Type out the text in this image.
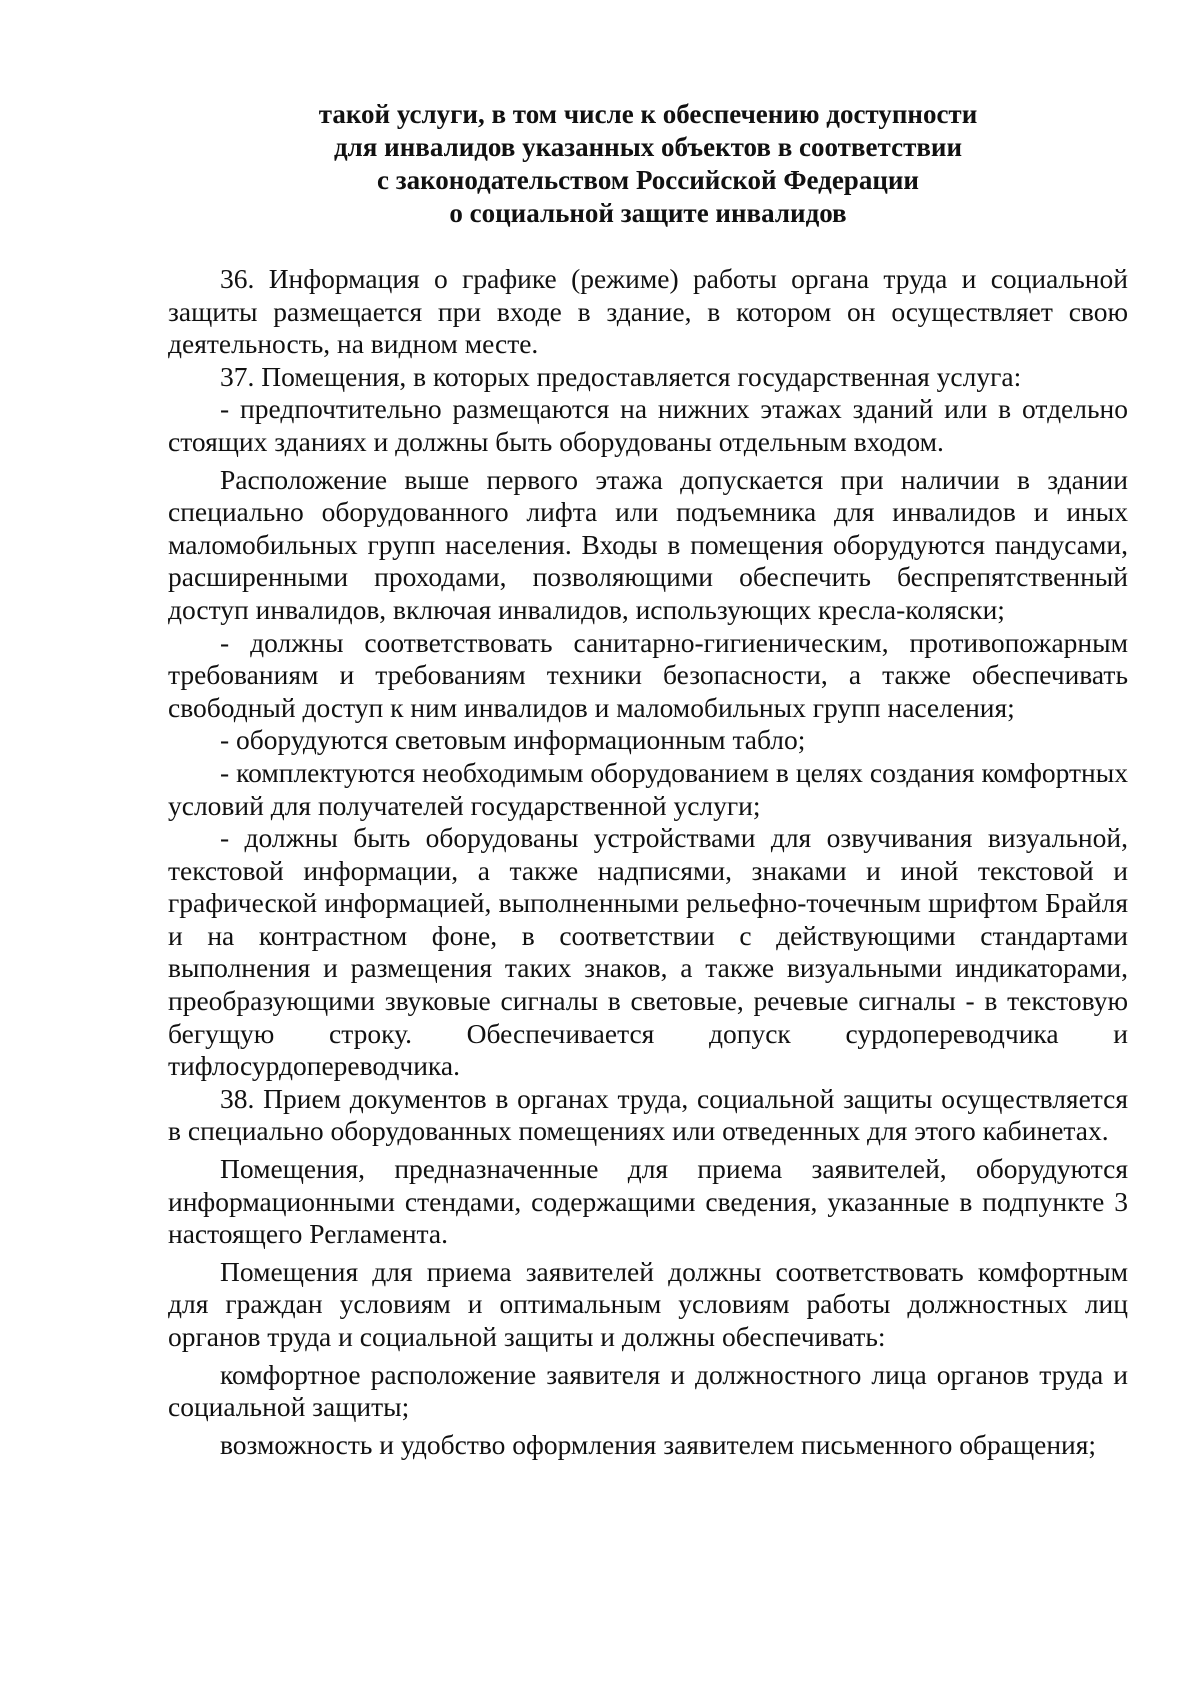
такой услуги, в том числе к обеспечению доступности
для инвалидов указанных объектов в соответствии
с законодательством Российской Федерации
о социальной защите инвалидов

36. Информация о графике (режиме) работы органа труда и социальной защиты размещается при входе в здание, в котором он осуществляет свою деятельность, на видном месте.

37. Помещения, в которых предоставляется государственная услуга:

- предпочтительно размещаются на нижних этажах зданий или в отдельно стоящих зданиях и должны быть оборудованы отдельным входом.

Расположение выше первого этажа допускается при наличии в здании специально оборудованного лифта или подъемника для инвалидов и иных маломобильных групп населения. Входы в помещения оборудуются пандусами, расширенными проходами, позволяющими обеспечить беспрепятственный доступ инвалидов, включая инвалидов, использующих кресла-коляски;

- должны соответствовать санитарно-гигиеническим, противопожарным требованиям и требованиям техники безопасности, а также обеспечивать свободный доступ к ним инвалидов и маломобильных групп населения;

- оборудуются световым информационным табло;

- комплектуются необходимым оборудованием в целях создания комфортных условий для получателей государственной услуги;

- должны быть оборудованы устройствами для озвучивания визуальной, текстовой информации, а также надписями, знаками и иной текстовой и графической информацией, выполненными рельефно-точечным шрифтом Брайля и на контрастном фоне, в соответствии с действующими стандартами выполнения и размещения таких знаков, а также визуальными индикаторами, преобразующими звуковые сигналы в световые, речевые сигналы - в текстовую бегущую строку. Обеспечивается допуск сурдопереводчика и тифлосурдопереводчика.

38. Прием документов в органах труда, социальной защиты осуществляется в специально оборудованных помещениях или отведенных для этого кабинетах.

Помещения, предназначенные для приема заявителей, оборудуются информационными стендами, содержащими сведения, указанные в подпункте 3 настоящего Регламента.

Помещения для приема заявителей должны соответствовать комфортным для граждан условиям и оптимальным условиям работы должностных лиц органов труда и социальной защиты и должны обеспечивать:

комфортное расположение заявителя и должностного лица органов труда и социальной защиты;

возможность и удобство оформления заявителем письменного обращения;
